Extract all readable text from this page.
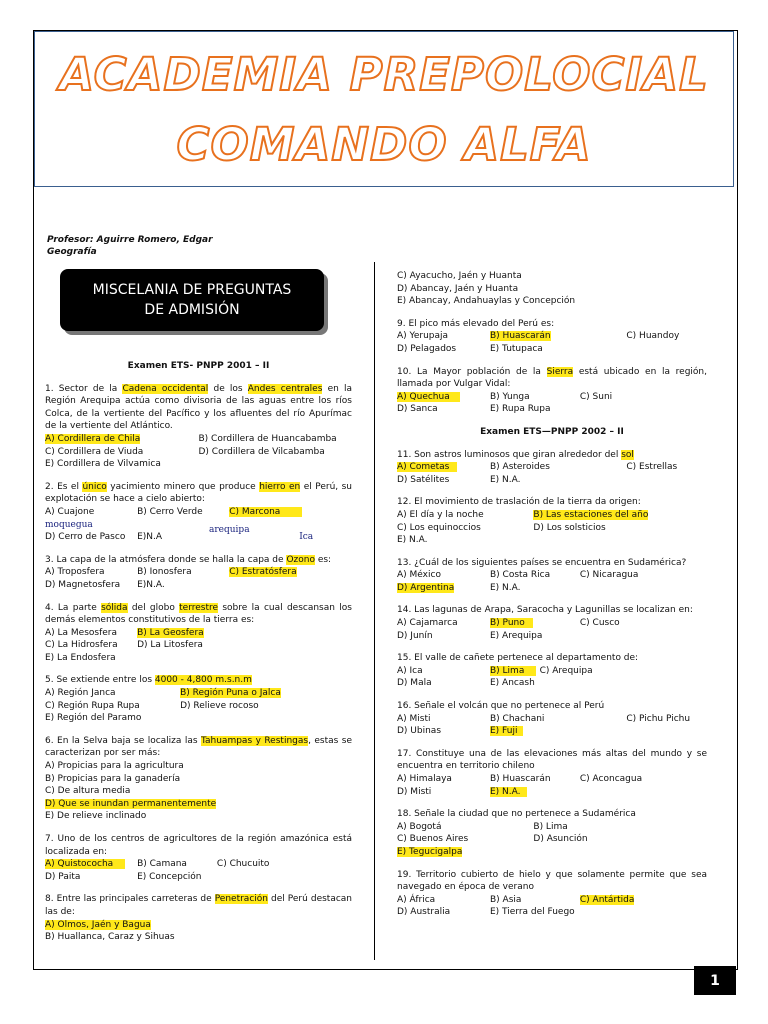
ACADEMIA PREPOLOCIAL
COMANDO ALFA
Profesor: Aguirre Romero, Edgar
Geografía
MISCELANIA DE PREGUNTAS
DE ADMISIÓN
Examen ETS- PNPP 2001 – II
1. Sector de la Cadena occidental de los Andes centrales en la Región Arequipa actúa como divisoria de las aguas entre los ríos Colca, de la vertiente del Pacífico y los afluentes del río Apurímac de la vertiente del Atlántico.
A) Cordillera de Chila	B) Cordillera de Huancabamba
C) Cordillera de Viuda	D) Cordillera de Vilcabamba
E) Cordillera de Vilvamica
2. Es el único yacimiento minero que produce hierro en el Perú, su explotación se hace a cielo abierto:
A) Cuajone moquegua
B) Cerro Verde	C) Marcona
D) Cerro de Pasco	E)N.A	Ica
arequipa
3. La capa de la atmósfera donde se halla la capa de Ozono es:
A) Troposfera	B) Ionosfera	C) Estratósfera
D) Magnetosfera	E)N.A.
4. La parte sólida del globo terrestre sobre la cual descansan los demás elementos constitutivos de la tierra es:
A) La Mesosfera	B) La Geosfera
C) La Hidrosfera	D) La Litosfera
E) La Endosfera
5. Se extiende entre los 4000 - 4,800 m.s.n.m
A) Región Janca	B) Región Puna o Jalca
C) Región Rupa Rupa	D) Relieve rocoso
E) Región del Paramo
6. En la Selva baja se localiza las Tahuampas y Restingas, estas se caracterizan por ser más:
A) Propicias para la agricultura
B) Propicias para la ganadería
C) De altura media
D) Que se inundan permanentemente
E) De relieve inclinado
7. Uno de los centros de agricultores de la región amazónica está localizada en:
A) Quistococha	B) Camana	C) Chucuito
D) Paita	E) Concepción
8. Entre las principales carreteras de Penetración del Perú destacan las de:
A) Olmos, Jaén y Bagua
B) Huallanca, Caraz y Sihuas
C) Ayacucho, Jaén y Huanta
D) Abancay, Jaén y Huanta
E) Abancay, Andahuaylas y Concepción
9. El pico más elevado del Perú es:
A) Yerupaja	B) Huascarán	C) Huandoy
D) Pelagados	E) Tutupaca
10. La Mayor población de la Sierra está ubicado en la región, llamada por Vulgar Vidal:
A) Quechua	B) Yunga	C) Suni
D) Sanca	E) Rupa Rupa
Examen ETS—PNPP 2002 – II
11. Son astros luminosos que giran alrededor del sol
A) Cometas	B) Asteroides	C) Estrellas
D) Satélites	E) N.A.
12. El movimiento de traslación de la tierra da origen:
A) El día y la noche	B) Las estaciones del año
C) Los equinoccios	D) Los solsticios
E) N.A.
13. ¿Cuál de los siguientes países se encuentra en Sudamérica?
A) México	B) Costa Rica	C) Nicaragua
D) Argentina	E) N.A.
14. Las lagunas de Arapa, Saracocha y Lagunillas se localizan en:
A) Cajamarca	B) Puno	C) Cusco
D) Junín	E) Arequipa
15. El valle de cañete pertenece al departamento de:
A) Ica	B) Lima	C) Arequipa
D) Mala	E) Ancash
16. Señale el volcán que no pertenece al Perú
A) Misti	B) Chachani	C) Pichu Pichu
D) Ubinas	E) Fuji
17. Constituye una de las elevaciones más altas del mundo y se encuentra en territorio chileno
A) Himalaya	B) Huascarán	C) Aconcagua
D) Misti	E) N.A.
18. Señale la ciudad que no pertenece a Sudamérica
A) Bogotá	B) Lima
C) Buenos Aires	D) Asunción
E) Tegucigalpa
19. Territorio cubierto de hielo y que solamente permite que sea navegado en época de verano
A) África	B) Asia	C) Antártida
D) Australia	E) Tierra del Fuego
1
